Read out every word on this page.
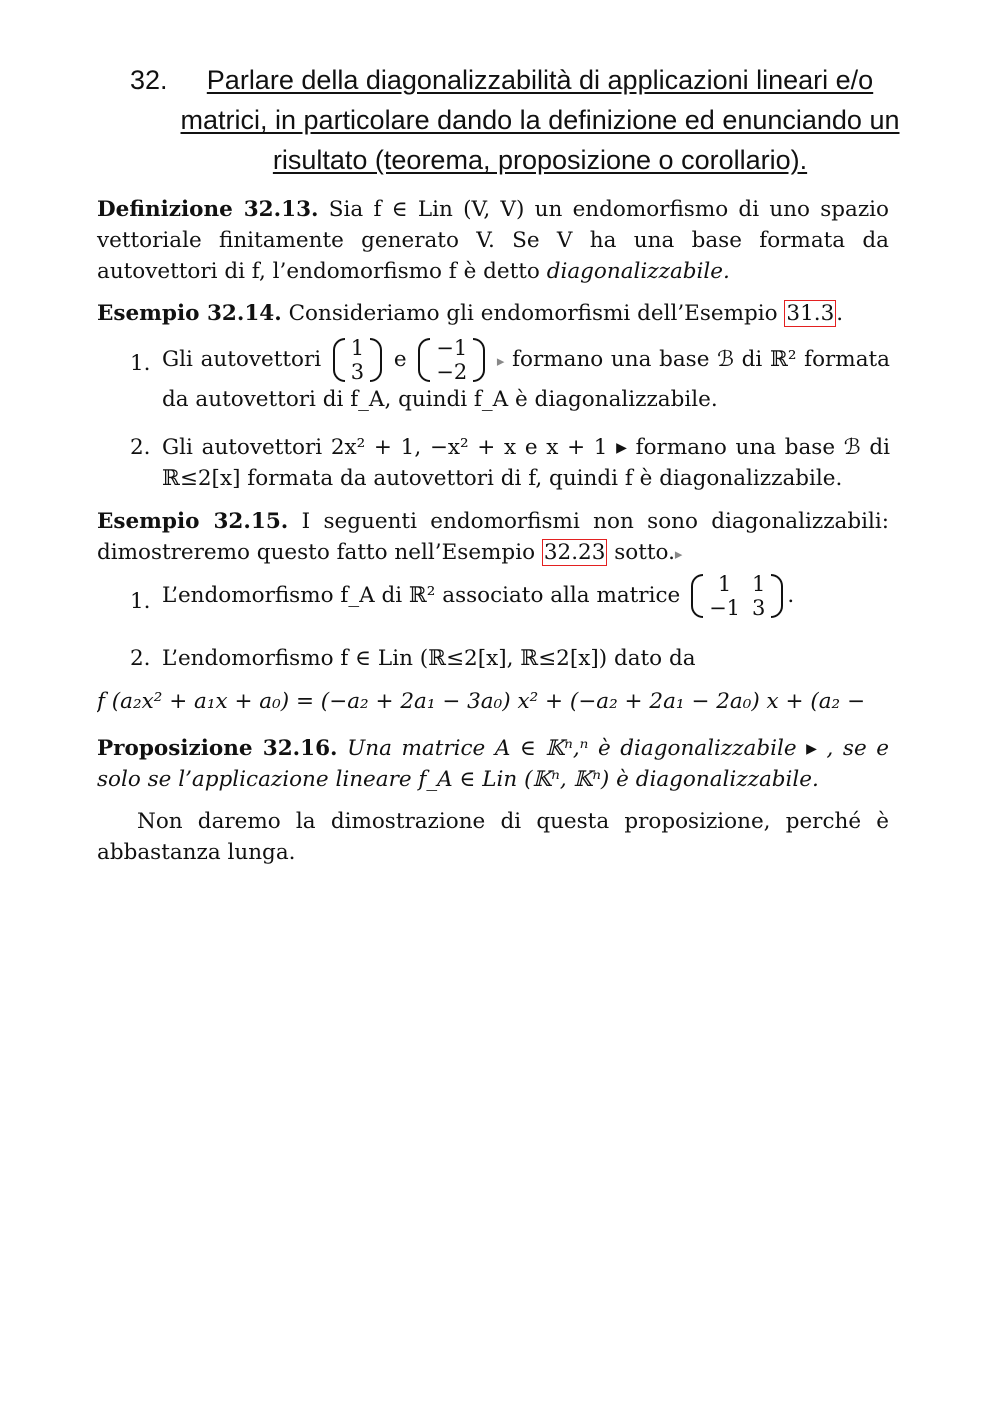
32.	Parlare della diagonalizzabilità di applicazioni lineari e/o matrici, in particolare dando la definizione ed enunciando un risultato (teorema, proposizione o corollario).
Definizione 32.13. Sia f ∈ Lin (V, V) un endomorfismo di uno spazio vettoriale finitamente generato V. Se V ha una base formata da autovettori di f, l’endomorfismo f è detto diagonalizzabile.
Esempio 32.14. Consideriamo gli endomorfismi dell’Esempio 31.3.
1. Gli autovettori 1
3 e −1
−2 ▸ formano una base ℬ di ℝ² formata da autovettori di f_A, quindi f_A è diagonalizzabile.
2. Gli autovettori 2x² + 1, −x² + x e x + 1 ▸ formano una base ℬ di ℝ≤2[x] formata da autovettori di f, quindi f è diagonalizzabile.
Esempio 32.15. I seguenti endomorfismi non sono diagonalizzabili: dimostreremo questo fatto nell’Esempio 32.23 sotto.▸
1. L’endomorfismo f_A di ℝ² associato alla matrice 1	1
−1	3 .
2. L’endomorfismo f ∈ Lin (ℝ≤2[x], ℝ≤2[x]) dato da
f (a₂x² + a₁x + a₀) = (−a₂ + 2a₁ − 3a₀) x² + (−a₂ + 2a₁ − 2a₀) x + (a₂ −
Proposizione 32.16. Una matrice A ∈ 𝕂ⁿ,ⁿ è diagonalizzabile ▸ , se e solo se l’applicazione lineare f_A ∈ Lin (𝕂ⁿ, 𝕂ⁿ) è diagonalizzabile.
Non daremo la dimostrazione di questa proposizione, perché è abbastanza lunga.
